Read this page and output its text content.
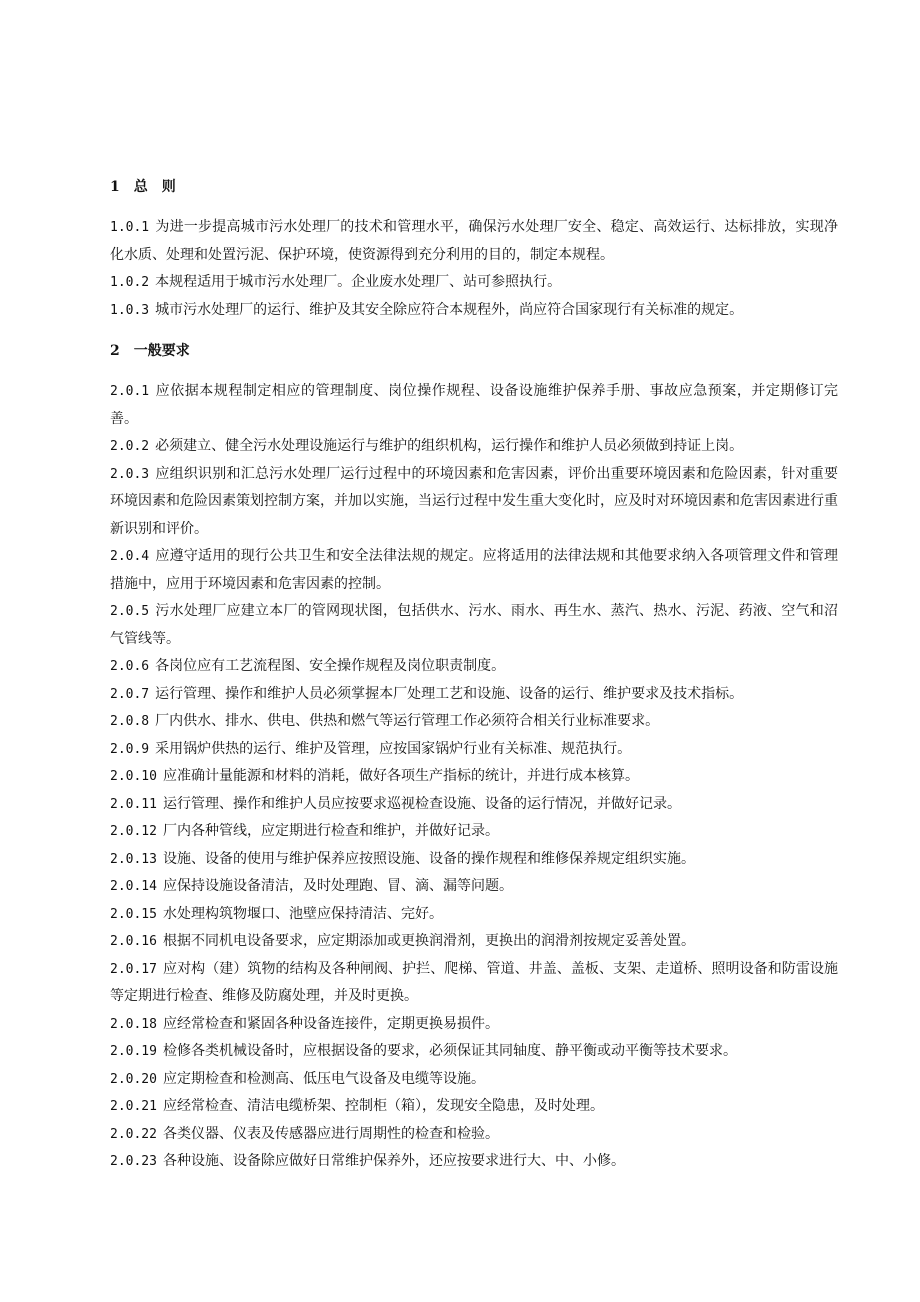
1 总　则

1.0.1 为进一步提高城市污水处理厂的技术和管理水平，确保污水处理厂安全、稳定、高效运行、达标排放，实现净化水质、处理和处置污泥、保护环境，使资源得到充分利用的目的，制定本规程。

1.0.2 本规程适用于城市污水处理厂。企业废水处理厂、站可参照执行。

1.0.3 城市污水处理厂的运行、维护及其安全除应符合本规程外，尚应符合国家现行有关标准的规定。

2 一般要求

2.0.1 应依据本规程制定相应的管理制度、岗位操作规程、设备设施维护保养手册、事故应急预案，并定期修订完善。

2.0.2 必须建立、健全污水处理设施运行与维护的组织机构，运行操作和维护人员必须做到持证上岗。

2.0.3 应组织识别和汇总污水处理厂运行过程中的环境因素和危害因素，评价出重要环境因素和危险因素，针对重要环境因素和危险因素策划控制方案，并加以实施，当运行过程中发生重大变化时，应及时对环境因素和危害因素进行重新识别和评价。

2.0.4 应遵守适用的现行公共卫生和安全法律法规的规定。应将适用的法律法规和其他要求纳入各项管理文件和管理措施中，应用于环境因素和危害因素的控制。

2.0.5 污水处理厂应建立本厂的管网现状图，包括供水、污水、雨水、再生水、蒸汽、热水、污泥、药液、空气和沼气管线等。

2.0.6 各岗位应有工艺流程图、安全操作规程及岗位职责制度。

2.0.7 运行管理、操作和维护人员必须掌握本厂处理工艺和设施、设备的运行、维护要求及技术指标。

2.0.8 厂内供水、排水、供电、供热和燃气等运行管理工作必须符合相关行业标准要求。

2.0.9 采用锅炉供热的运行、维护及管理，应按国家锅炉行业有关标准、规范执行。

2.0.10 应准确计量能源和材料的消耗，做好各项生产指标的统计，并进行成本核算。

2.0.11 运行管理、操作和维护人员应按要求巡视检查设施、设备的运行情况，并做好记录。

2.0.12 厂内各种管线，应定期进行检查和维护，并做好记录。

2.0.13 设施、设备的使用与维护保养应按照设施、设备的操作规程和维修保养规定组织实施。

2.0.14 应保持设施设备清洁，及时处理跑、冒、滴、漏等问题。

2.0.15 水处理构筑物堰口、池壁应保持清洁、完好。

2.0.16 根据不同机电设备要求，应定期添加或更换润滑剂，更换出的润滑剂按规定妥善处置。

2.0.17 应对构（建）筑物的结构及各种闸阀、护拦、爬梯、管道、井盖、盖板、支架、走道桥、照明设备和防雷设施等定期进行检查、维修及防腐处理，并及时更换。

2.0.18 应经常检查和紧固各种设备连接件，定期更换易损件。

2.0.19 检修各类机械设备时，应根据设备的要求，必须保证其同轴度、静平衡或动平衡等技术要求。

2.0.20 应定期检查和检测高、低压电气设备及电缆等设施。

2.0.21 应经常检查、清洁电缆桥架、控制柜（箱），发现安全隐患，及时处理。

2.0.22 各类仪器、仪表及传感器应进行周期性的检查和检验。

2.0.23 各种设施、设备除应做好日常维护保养外，还应按要求进行大、中、小修。
